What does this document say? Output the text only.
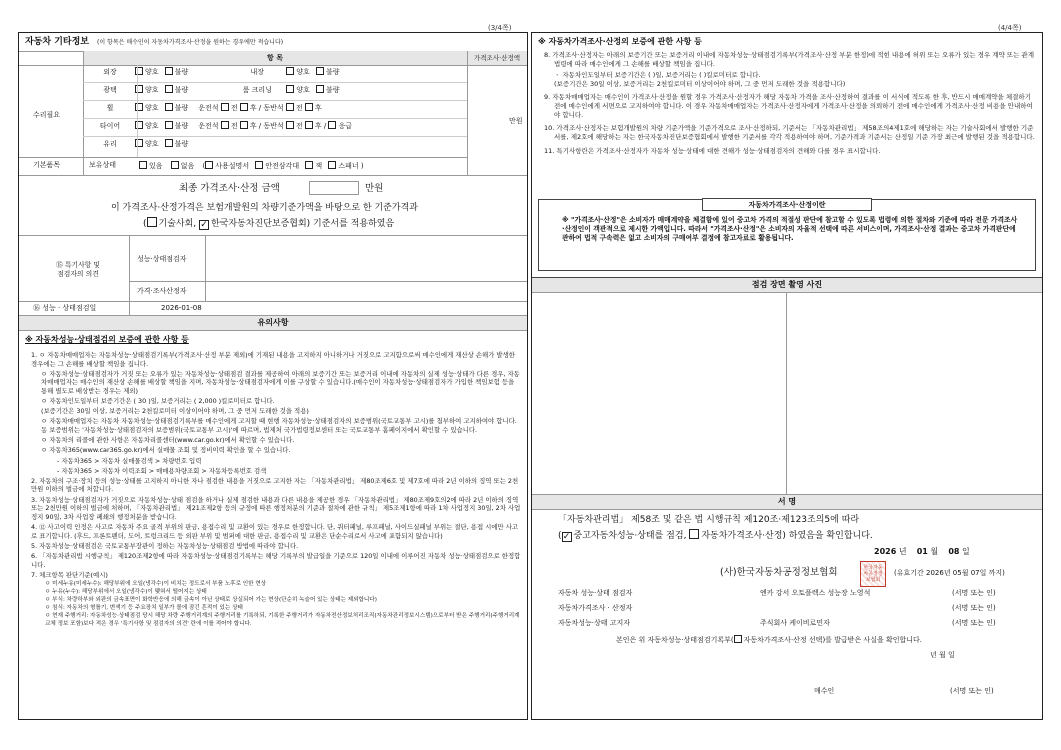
(3/4쪽)
자동차 기타정보 (이 항목은 매수인이 자동차가격조사·산정을 원하는 경우에만 적습니다)
항 목	가격조사·산정액
수리필요
만원
외장	양호 불량	내장	양호 불량
광택	양호 불량	룸 크리닝	양호 불량
휠	양호 불량 운전석 전 후 / 동반석 전 후
타이어	양호 불량 운전석 전 후 / 동반석 전 후 / 응급
유리	양호 불량
기본품목	보유상태	있음	없음 ( 사용설명서 안전삼각대 잭 스패너 )
최종 가격조사·산정 금액	만원
이 가격조사·산정가격은 보험개발원의 차량기준가액을 바탕으로 한 기준가격과
( 기술사회, ✓ 한국자동차진단보증협회) 기준서를 적용하였음
⑮ 특기사항 및
점검자의 의견
성능·상태점검자
가격·조사산정자
⑯ 성능 · 상태점검일	2026-01-08
유의사항
※ 자동차성능·상태점검의 보증에 관한 사항 등

1. ㅇ 자동차매매업자는 자동차성능·상태점검기록부(가격조사·산정 부분 제외)에 기재된 내용을 고지하지 아니하거나 거짓으로 고지함으로써 매수인에게 재산상 손해가 발생한 경우에는 그 손해를 배상할 책임을 집니다.

ㅇ 자동차성능·상태점검자가 거짓 또는 오류가 있는 자동차성능·상태점검 결과를 제공하여 아래의 보증기간 또는 보증거리 이내에 자동차의 실제 성능·상태가 다른 경우, 자동차매매업자는 매수인의 재산상 손해를 배상할 책임을 지며, 자동차성능·상태점검자에게 이를 구상할 수 있습니다.(매수인이 자동차성능·상태점검자가 가입한 책임보험 등을 통해 별도로 배상받는 경우는 제외)

ㅇ 자동차인도일부터 보증기간은 ( 30 )일, 보증거리는 ( 2,000 )킬로미터로 합니다.

(보증기간은 30일 이상, 보증거리는 2천킬로미터 이상이어야 하며, 그 중 먼저 도래한 것을 적용)

ㅇ 자동차매매업자는 자동차 자동차성능·상태점검기록부를 매수인에게 고지할 때 현행 자동차성능·상태점검자의 보증범위(국토교통부 고시)를 첨부하여 고지하여야 합니다. 동 보증범위는 '자동차성능·상태점검자의 보증범위(국토교통부 고시)'에 따르며, 법제처 국가법령정보센터 또는 국토교통부 홈페이지에서 확인할 수 있습니다.

ㅇ 자동차의 리콜에 관한 사항은 자동차리콜센터(www.car.go.kr)에서 확인할 수 있습니다.

ㅇ 자동차365(www.car365.go.kr)에서 실매물 조회 및 정비이력 확인을 할 수 있습니다.

- 자동차365 > 자동차 실매물검색 > 차량번호 입력

- 자동차365 > 자동차 이력조회 > 매매용차량조회 > 자동차등록번호 검색

2. 자동차의 구조·장치 등의 성능·상태를 고지하지 아니한 자나 점검한 내용을 거짓으로 고지한 자는 「자동차관리법」 제80조제6호 및 제7호에 따라 2년 이하의 징역 또는 2천만원 이하의 벌금에 처합니다.

3. 자동차성능·상태점검자가 거짓으로 자동차성능·상태 점검을 하거나 실제 점검한 내용과 다른 내용을 제공한 경우 「자동차관리법」 제80조제9호의2에 따라 2년 이하의 징역 또는 2천만원 이하의 벌금에 처하며, 「자동차관리법」 제21조제2항 등의 규정에 따른 행정처분의 기준과 절차에 관한 규칙」 제5조제1항에 따라 1차 사업정지 30일, 2차 사업정지 90일, 3차 사업장 폐쇄의 행정처분을 받습니다.

4. ⑫ 사고이력 인정은 사고로 자동차 주요 골격 부위의 판금, 용접수리 및 교환이 있는 경우로 한정합니다. 단, 쿼터패널, 루프패널, 사이드실패널 부위는 절단, 용접 시에만 사고로 표기합니다. (후드, 프론트펜더, 도어, 트렁크리드 등 외판 부위 및 범퍼에 대한 판금, 용접수리 및 교환은 단순수리로서 사고에 포함되지 않습니다)

5. 자동차성능·상태점검은 국토교통부장관이 정하는 자동차성능·상태점검 방법에 따라야 합니다.

6. 「자동차관리법 시행규칙」 제120조제2항에 따라 자동차성능·상태점검기록부는 해당 기록부의 발급일을 기준으로 120일 이내에 이루어진 자동차 성능·상태점검으로 한정합니다.

7. 체크항목 판단기준(예시)

ㅇ 미세누유(미세누수): 해당부위에 오일(냉각수)이 비치는 정도로서 부품 노후로 인한 현상

ㅇ 누유(누수): 해당부위에서 오일(냉각수)이 맺혀서 떨어지는 상태

ㅇ 부식: 차량하부와 외판의 금속표면이 화학반응에 의해 금속이 아닌 상태로 상실되어 가는 현상(단순히 녹슬어 있는 상태는 제외합니다)

ㅇ 침식: 자동차의 형틀기, 변색기 등 주요장치 일부가 몰에 잠긴 흔적이 있는 상태

ㅇ 현재 주행거리: 자동차성능·상태점검 당시 해당 차량 주행거리계의 주행거리를 기록하되, 기록한 주행거리가 자동차전산정보처리조직(자동차관리정보시스템)으로부터 받은 주행거리(주행거리계 교체 정보 포함)보다 적은 경우 '특기사항 및 점검자의 의견' 란에 이를 적어야 합니다.

(4/4쪽)
※ 자동차가격조사·산정의 보증에 관한 사항 등

8. 가격조사·산정자는 아래의 보증기간 또는 보증거리 이내에 자동차성능·상태점검기록부(가격조사·산정 부분 한정)에 적힌 내용에 허위 또는 오류가 있는 경우 계약 또는 관계법령에 따라 매수인에게 그 손해를 배상할 책임을 집니다.

ㆍ 자동차인도일부터 보증기간은 ( )일, 보증거리는 ( )킬로미터로 합니다.

(보증기간은 30일 이상, 보증거리는 2천킬로미터 이상이어야 하며, 그 중 먼저 도래한 것을 적용합니다)

9. 자동차매매업자는 매수인이 가격조사·산정을 원할 경우 가격조사·산정자가 해당 자동차 가격을 조사·산정하여 결과를 이 서식에 적도록 한 후, 반드시 매매계약을 체결하기 전에 매수인에게 서면으로 고지하여야 합니다. 이 경우 자동차매매업자는 가격조사·산정자에게 가격조사·산정을 의뢰하기 전에 매수인에게 가격조사·산정 비용을 안내하여야 합니다.

10. 가격조사·산정자는 보험개발원의 차량 기준가액을 기준가격으로 조사·산정하되, 기준서는 「자동차관리법」 제58조의4제1호에 해당하는 자는 기술사회에서 발행한 기준서를, 제2호에 해당하는 자는 한국자동차진단보증협회에서 발행한 기준서를 각각 적용하여야 하며, 기준가격과 기준서는 산정일 기준 가장 최근에 발행된 것을 적용합니다.

11. 특기사항란은 가격조사·산정자가 자동차 성능·상태에 대한 견해가 성능·상태점검자의 견해와 다를 경우 표시합니다.

자동차가격조사·산정이란
※ "가격조사·산정"은 소비자가 매매계약을 체결함에 있어 중고차 가격의 적절성 판단에 참고할 수 있도록 법령에 의한 절차와 기준에 따라 전문 가격조사·산정인이 객관적으로 제시한 가액입니다. 따라서 "가격조사·산정"은 소비자의 자율적 선택에 따른 서비스이며, 가격조사·산정 결과는 중고차 가격판단에 관하여 법적 구속력은 없고 소비자의 구매여부 결정에 참고자료로 활용됩니다.
점검 장면 촬영 사진
서 명
「자동차관리법」 제58조 및 같은 법 시행규칙 제120조·제123조의5에 따라
(✓ 중고자동차성능·상태를 점검, 자동차가격조사·산정) 하였음을 확인합니다.
2026 년 01 월 08 일
(사)한국자동차공정정보협회	한국자동차공정정보협회
(유효기간 2026년 05월 07일 까지)
자동차 성능·상태 점검자	엔카 강서 오토플렉스 성능장 노영석	(서명 또는 인)
자동차가격조사 · 산정자	(서명 또는 인)
자동차성능·상태 고지자	주식회사 케이비로민자	(서명 또는 인)
본인은 위 자동차성능·상태점검기록부( 자동차가격조사·산정 선택)를 발급받은 사실을 확인합니다.
년 월 일
매수인	(서명 또는 인)
